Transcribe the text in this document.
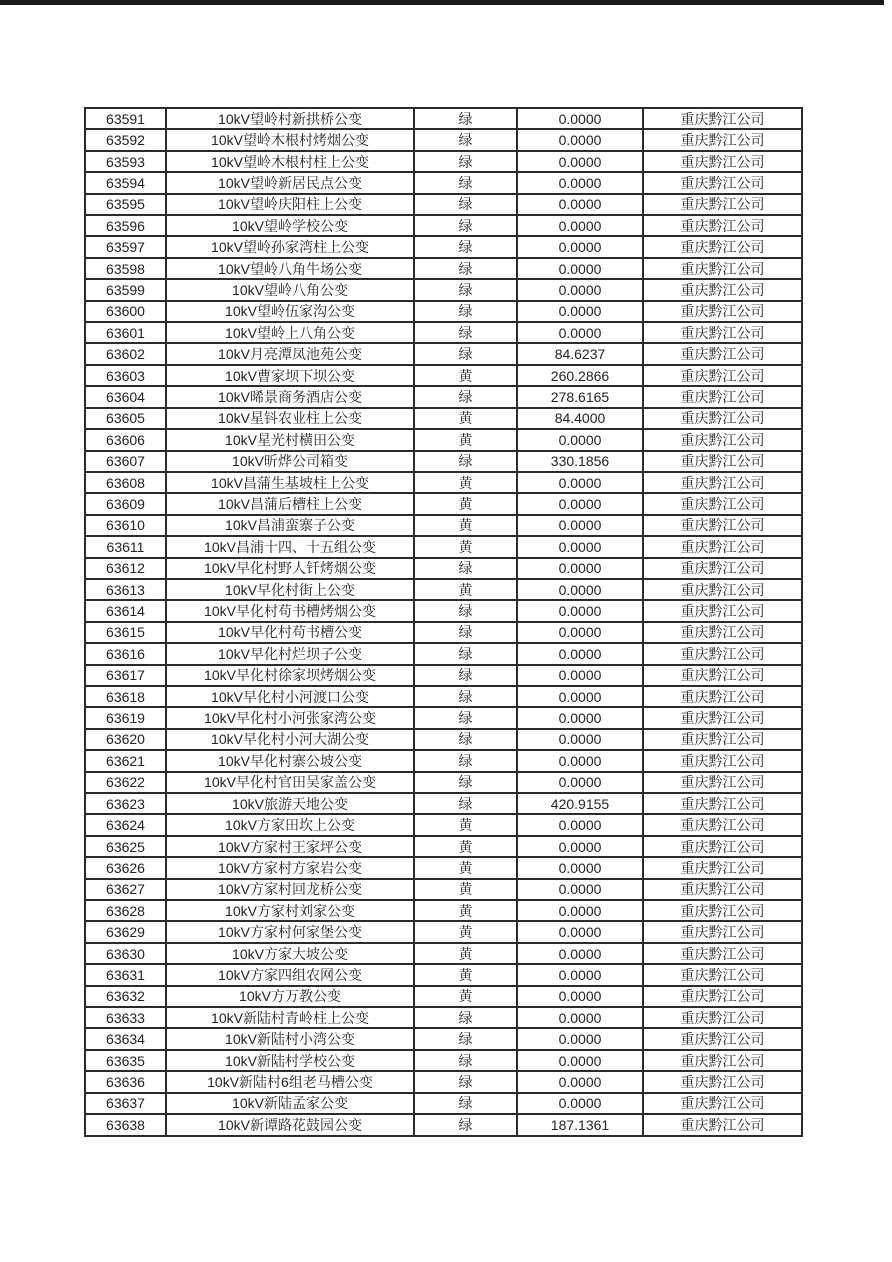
63591	10kV望岭村新拱桥公变	绿	0.0000	重庆黔江公司
63592	10kV望岭木根村烤烟公变	绿	0.0000	重庆黔江公司
63593	10kV望岭木根村柱上公变	绿	0.0000	重庆黔江公司
63594	10kV望岭新居民点公变	绿	0.0000	重庆黔江公司
63595	10kV望岭庆阳柱上公变	绿	0.0000	重庆黔江公司
63596	10kV望岭学校公变	绿	0.0000	重庆黔江公司
63597	10kV望岭孙家湾柱上公变	绿	0.0000	重庆黔江公司
63598	10kV望岭八角牛场公变	绿	0.0000	重庆黔江公司
63599	10kV望岭八角公变	绿	0.0000	重庆黔江公司
63600	10kV望岭伍家沟公变	绿	0.0000	重庆黔江公司
63601	10kV望岭上八角公变	绿	0.0000	重庆黔江公司
63602	10kV月亮潭凤池苑公变	绿	84.6237	重庆黔江公司
63603	10kV曹家坝下坝公变	黄	260.2866	重庆黔江公司
63604	10kV晞景商务酒店公变	绿	278.6165	重庆黔江公司
63605	10kV星钭农业柱上公变	黄	84.4000	重庆黔江公司
63606	10kV星光村横田公变	黄	0.0000	重庆黔江公司
63607	10kV昕烨公司箱变	绿	330.1856	重庆黔江公司
63608	10kV昌蒲生基坡柱上公变	黄	0.0000	重庆黔江公司
63609	10kV昌蒲后槽柱上公变	黄	0.0000	重庆黔江公司
63610	10kV昌浦蛮寨子公变	黄	0.0000	重庆黔江公司
63611	10kV昌浦十四、十五组公变	黄	0.0000	重庆黔江公司
63612	10kV早化村野人钎烤烟公变	绿	0.0000	重庆黔江公司
63613	10kV早化村街上公变	黄	0.0000	重庆黔江公司
63614	10kV早化村苟书槽烤烟公变	绿	0.0000	重庆黔江公司
63615	10kV早化村苟书槽公变	绿	0.0000	重庆黔江公司
63616	10kV早化村烂坝子公变	绿	0.0000	重庆黔江公司
63617	10kV早化村徐家坝烤烟公变	绿	0.0000	重庆黔江公司
63618	10kV早化村小河渡口公变	绿	0.0000	重庆黔江公司
63619	10kV早化村小河张家湾公变	绿	0.0000	重庆黔江公司
63620	10kV早化村小河大湖公变	绿	0.0000	重庆黔江公司
63621	10kV早化村寨公坡公变	绿	0.0000	重庆黔江公司
63622	10kV早化村官田吴家盖公变	绿	0.0000	重庆黔江公司
63623	10kV旅游天地公变	绿	420.9155	重庆黔江公司
63624	10kV方家田坎上公变	黄	0.0000	重庆黔江公司
63625	10kV方家村王家坪公变	黄	0.0000	重庆黔江公司
63626	10kV方家村方家岩公变	黄	0.0000	重庆黔江公司
63627	10kV方家村回龙桥公变	黄	0.0000	重庆黔江公司
63628	10kV方家村刘家公变	黄	0.0000	重庆黔江公司
63629	10kV方家村何家堡公变	黄	0.0000	重庆黔江公司
63630	10kV方家大坡公变	黄	0.0000	重庆黔江公司
63631	10kV方家四组农网公变	黄	0.0000	重庆黔江公司
63632	10kV方万教公变	黄	0.0000	重庆黔江公司
63633	10kV新陆村青岭柱上公变	绿	0.0000	重庆黔江公司
63634	10kV新陆村小湾公变	绿	0.0000	重庆黔江公司
63635	10kV新陆村学校公变	绿	0.0000	重庆黔江公司
63636	10kV新陆村6组老马槽公变	绿	0.0000	重庆黔江公司
63637	10kV新陆孟家公变	绿	0.0000	重庆黔江公司
63638	10kV新谭路花鼓园公变	绿	187.1361	重庆黔江公司
